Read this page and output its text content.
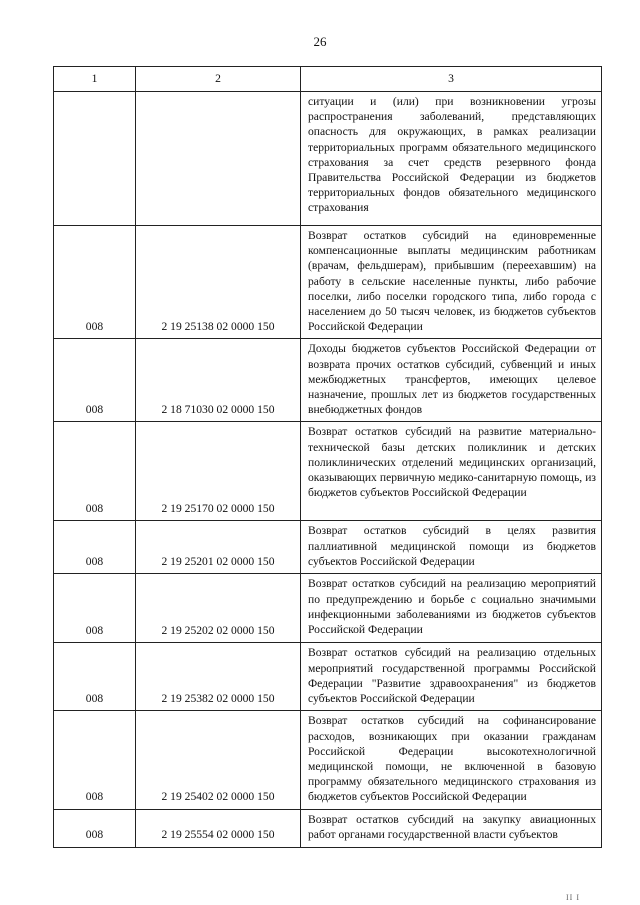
26
1	2	3
		ситуации и (или) при возникновении угрозы распространения заболеваний, представляющих опасность для окружающих, в рамках реализации территориальных программ обязательного медицинского страхования за счет средств резервного фонда Правительства Российской Федерации из бюджетов территориальных фондов обязательного медицинского страхования
008	2 19 25138 02 0000 150	Возврат остатков субсидий на единовременные компенсационные выплаты медицинским работникам (врачам, фельдшерам), прибывшим (переехавшим) на работу в сельские населенные пункты, либо рабочие поселки, либо поселки городского типа, либо города с населением до 50 тысяч человек, из бюджетов субъектов Российской Федерации
008	2 18 71030 02 0000 150	Доходы бюджетов субъектов Российской Федерации от возврата прочих остатков субсидий, субвенций и иных межбюджетных трансфертов, имеющих целевое назначение, прошлых лет из бюджетов государственных внебюджетных фондов
008	2 19 25170 02 0000 150	Возврат остатков субсидий на развитие материально-технической базы детских поликлиник и детских поликлинических отделений медицинских организаций, оказывающих первичную медико-санитарную помощь, из бюджетов субъектов Российской Федерации
008	2 19 25201 02 0000 150	Возврат остатков субсидий в целях развития паллиативной медицинской помощи из бюджетов субъектов Российской Федерации
008	2 19 25202 02 0000 150	Возврат остатков субсидий на реализацию мероприятий по предупреждению и борьбе с социально значимыми инфекционными заболеваниями из бюджетов субъектов Российской Федерации
008	2 19 25382 02 0000 150	Возврат остатков субсидий на реализацию отдельных мероприятий государственной программы Российской Федерации "Развитие здравоохранения" из бюджетов субъектов Российской Федерации
008	2 19 25402 02 0000 150	Возврат остатков субсидий на софинансирование расходов, возникающих при оказании гражданам Российской Федерации высокотехнологичной медицинской помощи, не включенной в базовую программу обязательного медицинского страхования из бюджетов субъектов Российской Федерации
008	2 19 25554 02 0000 150	Возврат остатков субсидий на закупку авиационных работ органами государственной власти субъектов
II I
